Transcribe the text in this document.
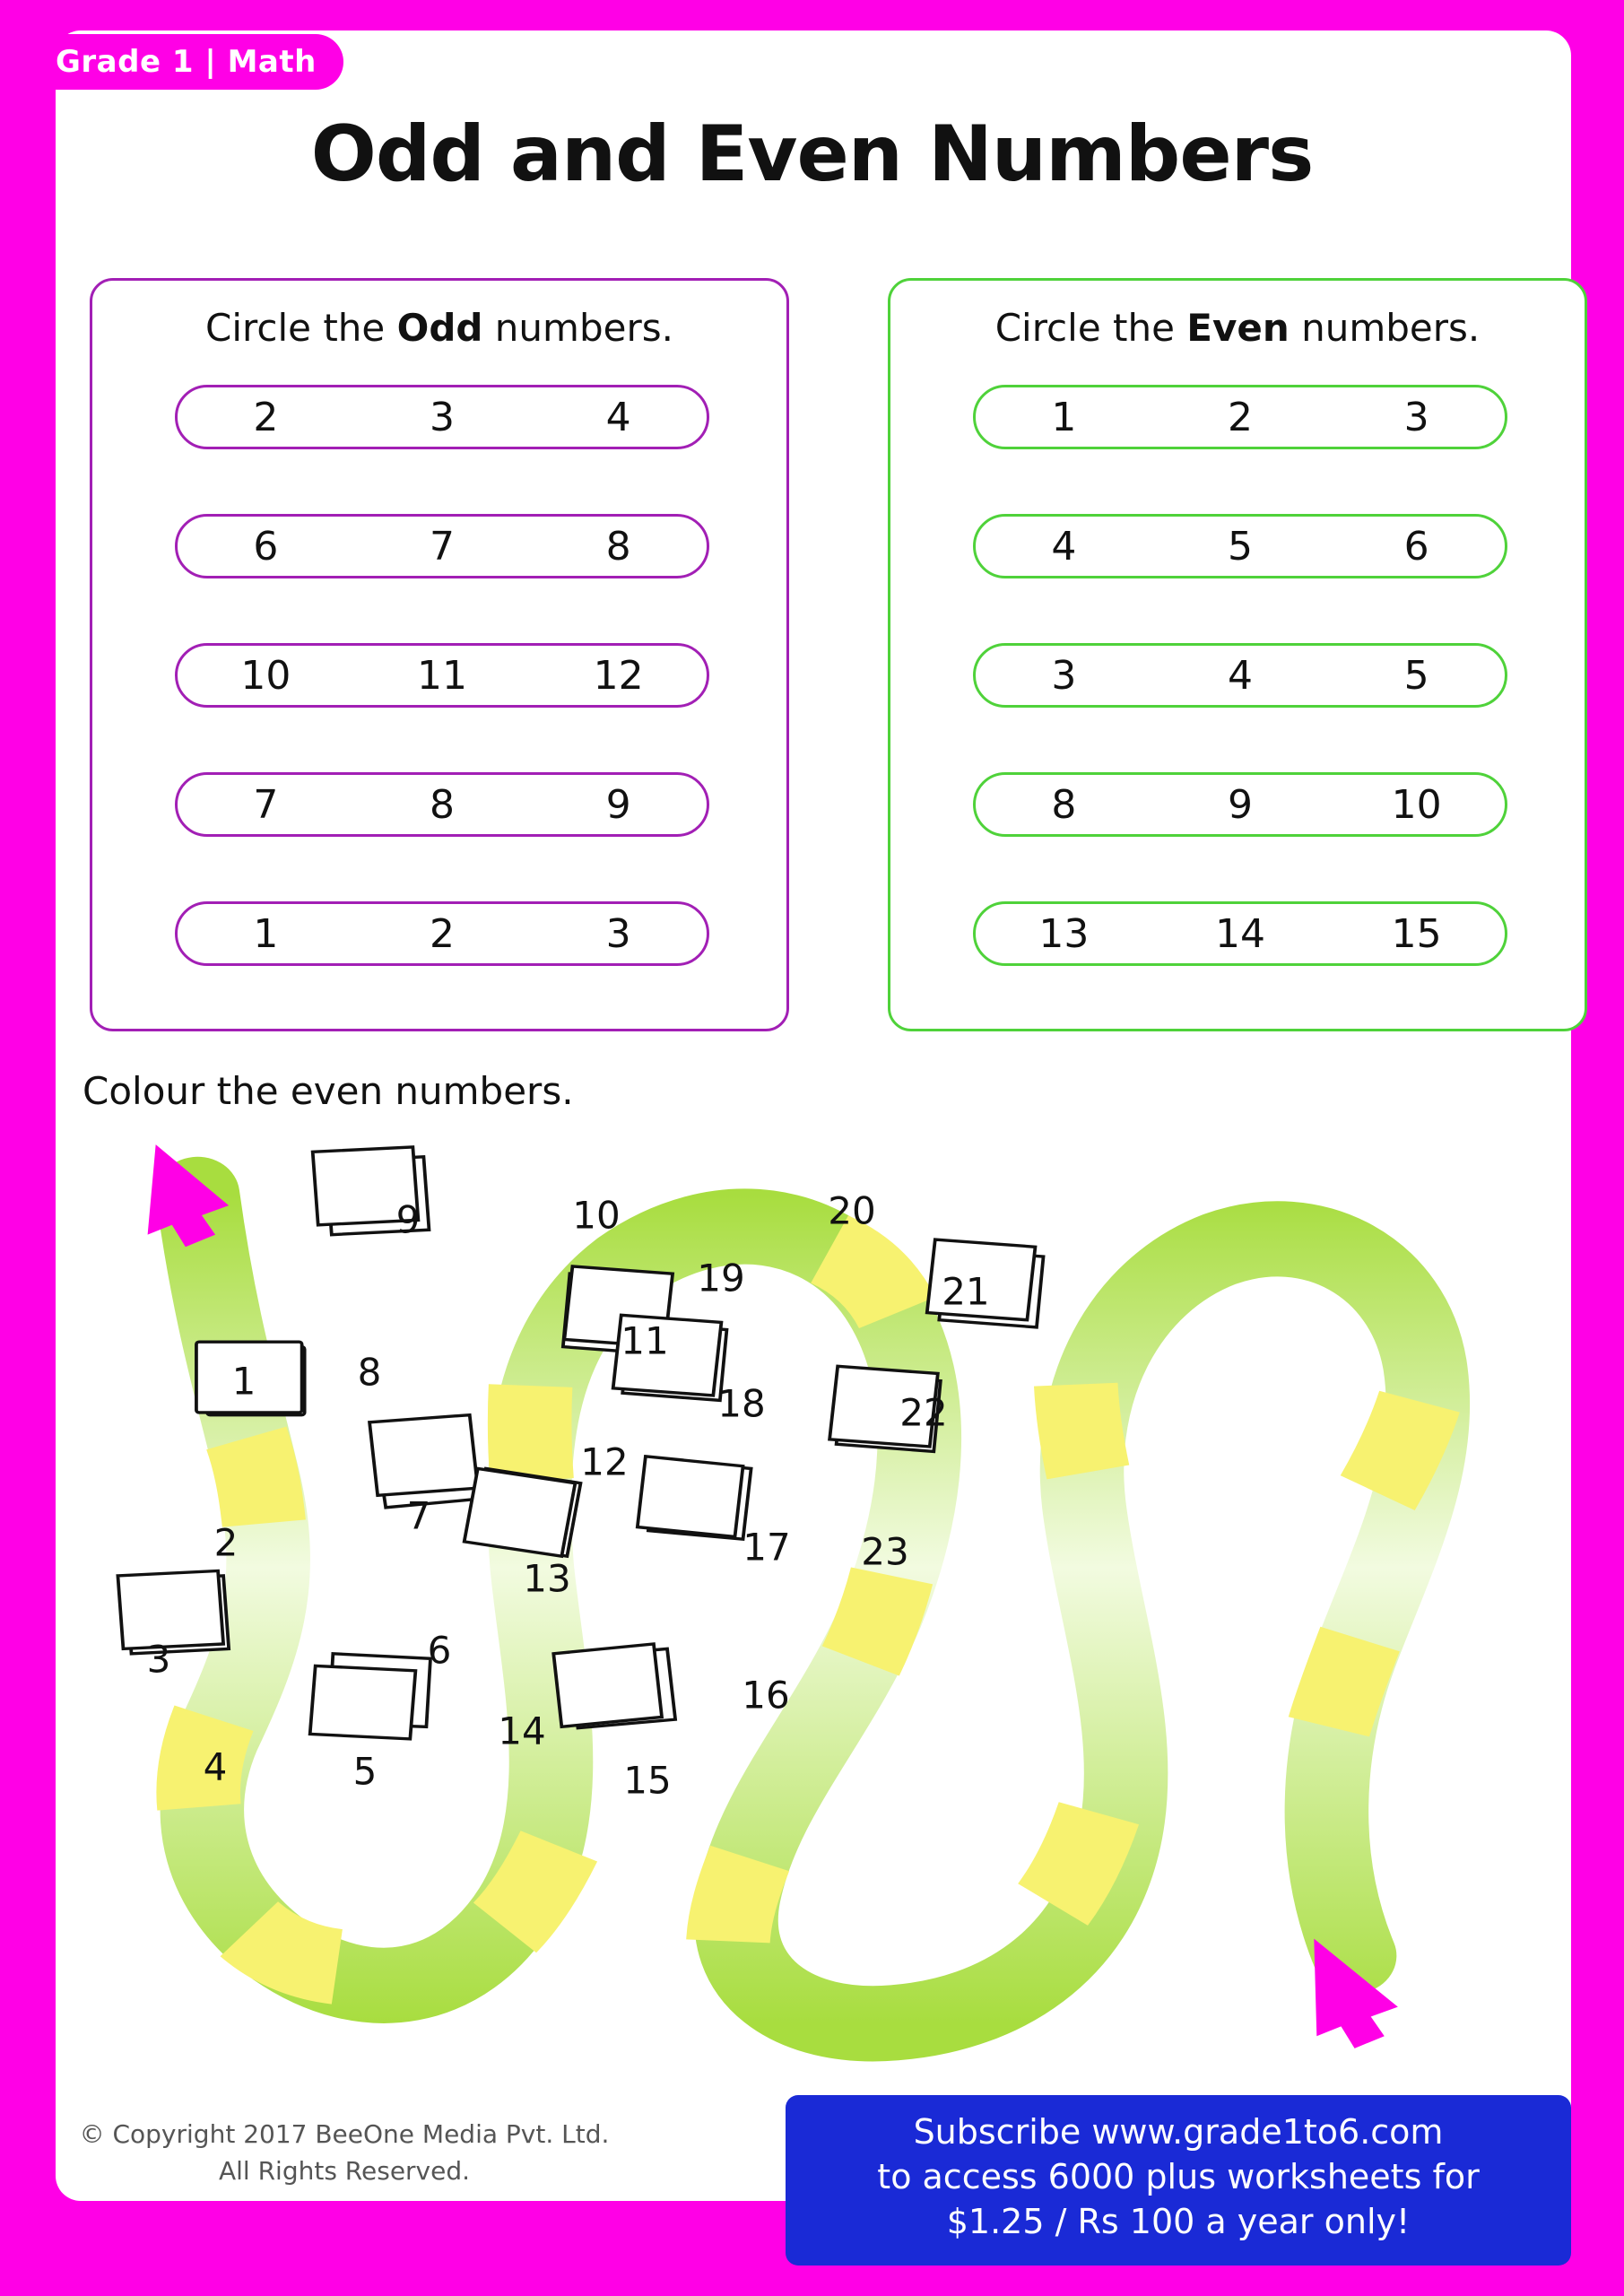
Grade 1 | Math
Odd and Even Numbers
Circle the Odd numbers.
2	3	4
6	7	8
10	11	12
7	8	9
1	2	3
Circle the Even numbers.
1	2	3
4	5	6
3	4	5
8	9	10
13	14	15
Colour the even numbers.
1
2
3
4	5
6
7
8
9	10
11
12
13
14
15
16
17
18
19
20
21
22
23
© Copyright 2017 BeeOne Media Pvt. Ltd.
All Rights Reserved.
Subscribe www.grade1to6.com
to access 6000 plus worksheets for
$1.25 / Rs 100 a year only!
